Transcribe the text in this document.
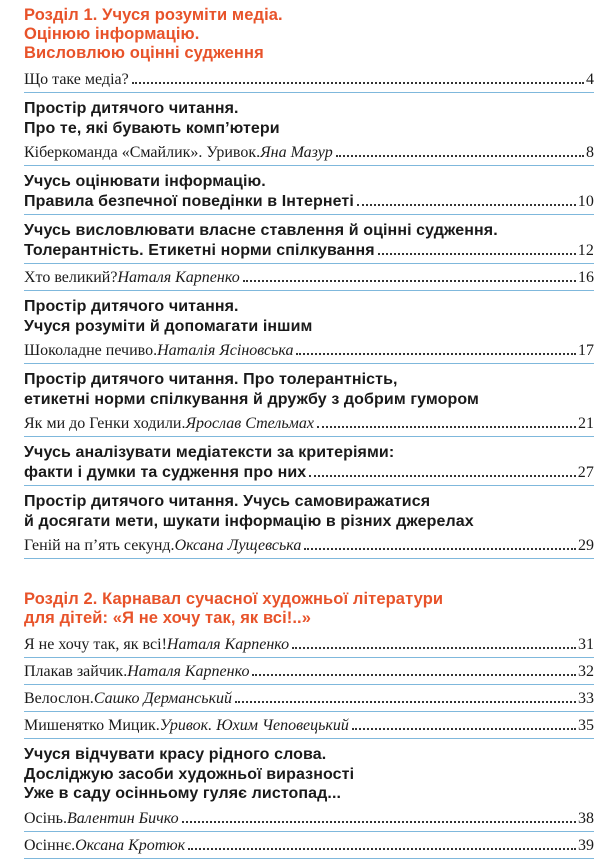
Розділ 1. Учуся розуміти медіа.
Оцінюю інформацію.
Висловлюю оцінні судження
Що таке медіа?	4
Простір дитячого читання.
Про те, які бувають комп’ютери
Кіберкоманда «Смайлик». Уривок. Яна Мазур	8
Учусь оцінювати інформацію.
Правила безпечної поведінки в Інтернеті	10
Учусь висловлювати власне ставлення й оцінні судження.
Толерантність. Етикетні норми спілкування	12
Хто великий? Наталя Карпенко	16
Простір дитячого читання.
Учуся розуміти й допомагати іншим
Шоколадне печиво. Наталія Ясіновська	17
Простір дитячого читання. Про толерантність,
етикетні норми спілкування й дружбу з добрим гумором
Як ми до Генки ходили. Ярослав Стельмах	21
Учусь аналізувати медіатексти за критеріями:
факти і думки та судження про них	27
Простір дитячого читання. Учусь самовиражатися
й досягати мети, шукати інформацію в різних джерелах
Геній на п’ять секунд. Оксана Лущевська	29
Розділ 2. Карнавал сучасної художньої літератури
для дітей: «Я не хочу так, як всі!..»
Я не хочу так, як всі! Наталя Карпенко	31
Плакав зайчик. Наталя Карпенко	32
Велослон. Сашко Дерманський	33
Мишенятко Мицик. Уривок. Юхим Чеповецький	35
Учуся відчувати красу рідного слова.
Досліджую засоби художньої виразності
Уже в саду осінньому гуляє листопад...
Осінь. Валентин Бичко	38
Осіннє. Оксана Кротюк	39
